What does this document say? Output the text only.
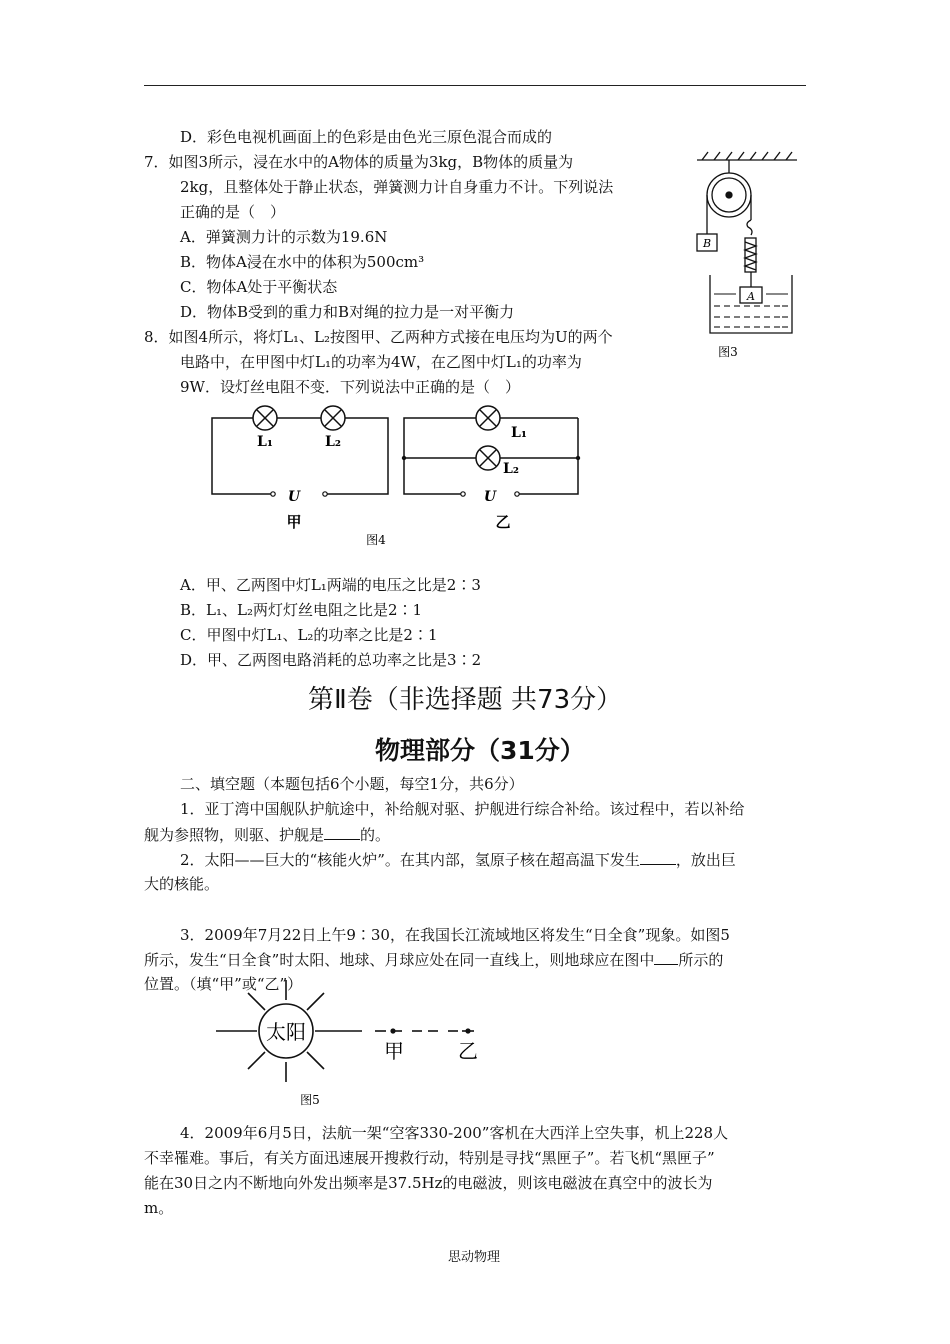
D．彩色电视机画面上的色彩是由色光三原色混合而成的
7．如图3所示，浸在水中的A物体的质量为3kg，B物体的质量为
2kg，且整体处于静止状态，弹簧测力计自身重力不计。下列说法
正确的是（　）
A．弹簧测力计的示数为19.6N
B．物体A浸在水中的体积为500cm³
C．物体A处于平衡状态
D．物体B受到的重力和B对绳的拉力是一对平衡力
B
A
图3
8．如图4所示，将灯L₁、L₂按图甲、乙两种方式接在电压均为U的两个
电路中，在甲图中灯L₁的功率为4W，在乙图中灯L₁的功率为
9W．设灯丝电阻不变．下列说法中正确的是（　）
L₁	L₂
L₁
L₂
U	U
甲	乙
图4
A．甲、乙两图中灯L₁两端的电压之比是2∶3
B．L₁、L₂两灯灯丝电阻之比是2∶1
C．甲图中灯L₁、L₂的功率之比是2∶1
D．甲、乙两图电路消耗的总功率之比是3∶2
第Ⅱ卷（非选择题 共73分）
物理部分（31分）
二、填空题（本题包括6个小题，每空1分，共6分）
1．亚丁湾中国舰队护航途中，补给舰对驱、护舰进行综合补给。该过程中，若以补给
舰为参照物，则驱、护舰是 的。
2．太阳——巨大的“核能火炉”。在其内部，氢原子核在超高温下发生 ，放出巨
大的核能。
3．2009年7月22日上午9∶30，在我国长江流域地区将发生“日全食”现象。如图5
所示，发生“日全食”时太阳、地球、月球应处在同一直线上，则地球应在图中 所示的
位置。（填“甲”或“乙”）
太阳
甲	乙
图5
4．2009年6月5日，法航一架“空客330-200”客机在大西洋上空失事，机上228人
不幸罹难。事后，有关方面迅速展开搜救行动，特别是寻找“黑匣子”。若飞机“黑匣子”
能在30日之内不断地向外发出频率是37.5Hz的电磁波，则该电磁波在真空中的波长为
m。
思动物理
